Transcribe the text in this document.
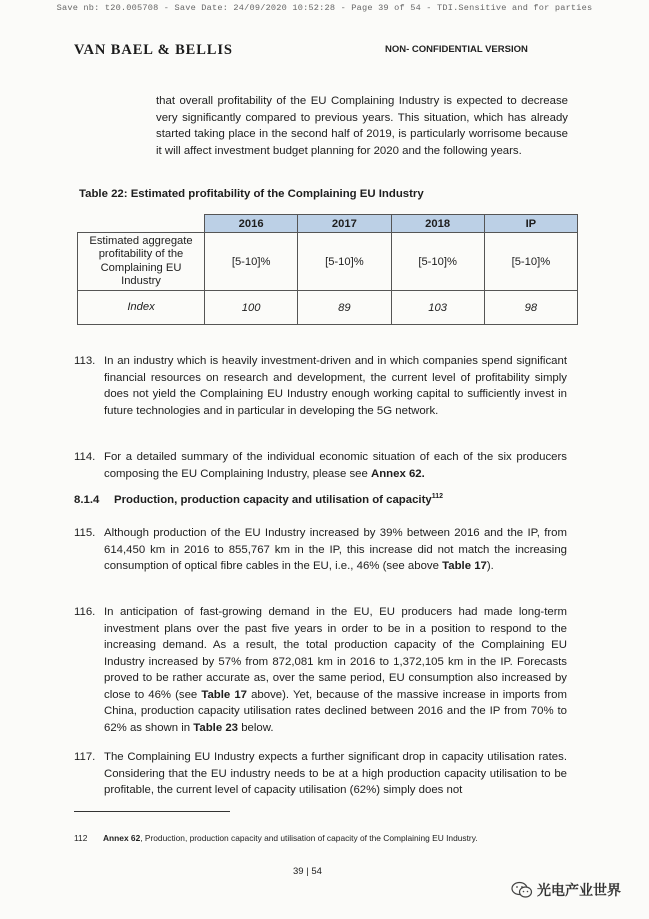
Save nb: t20.005708 - Save Date: 24/09/2020 10:52:28 - Page 39 of 54 - TDI.Sensitive and for parties
VAN BAEL & BELLIS	NON- CONFIDENTIAL VERSION

that overall profitability of the EU Complaining Industry is expected to decrease very significantly compared to previous years. This situation, which has already started taking place in the second half of 2019, is particularly worrisome because it will affect investment budget planning for 2020 and the following years.

Table 22: Estimated profitability of the Complaining EU Industry

	2016	2017	2018	IP
Estimated aggregate profitability of the Complaining EU Industry	[5-10]%	[5-10]%	[5-10]%	[5-10]%
Index	100	89	103	98
113. In an industry which is heavily investment-driven and in which companies spend significant financial resources on research and development, the current level of profitability simply does not yield the Complaining EU Industry enough working capital to sufficiently invest in future technologies and in particular in developing the 5G network.
114. For a detailed summary of the individual economic situation of each of the six producers composing the EU Complaining Industry, please see Annex 62.
8.1.4 Production, production capacity and utilisation of capacity$^{112}$
115. Although production of the EU Industry increased by 39% between 2016 and the IP, from 614,450 km in 2016 to 855,767 km in the IP, this increase did not match the increasing consumption of optical fibre cables in the EU, i.e., 46% (see above Table 17).
116. In anticipation of fast-growing demand in the EU, EU producers had made long-term investment plans over the past five years in order to be in a position to respond to the increasing demand. As a result, the total production capacity of the Complaining EU Industry increased by 57% from 872,081 km in 2016 to 1,372,105 km in the IP. Forecasts proved to be rather accurate as, over the same period, EU consumption also increased by close to 46% (see Table 17 above). Yet, because of the massive increase in imports from China, production capacity utilisation rates declined between 2016 and the IP from 70% to 62% as shown in Table 23 below.
117. The Complaining EU Industry expects a further significant drop in capacity utilisation rates. Considering that the EU industry needs to be at a high production capacity utilisation to be profitable, the current level of capacity utilisation (62%) simply does not

112 Annex 62, Production, production capacity and utilisation of capacity of the Complaining EU Industry.

39 | 54
光电产业世界
